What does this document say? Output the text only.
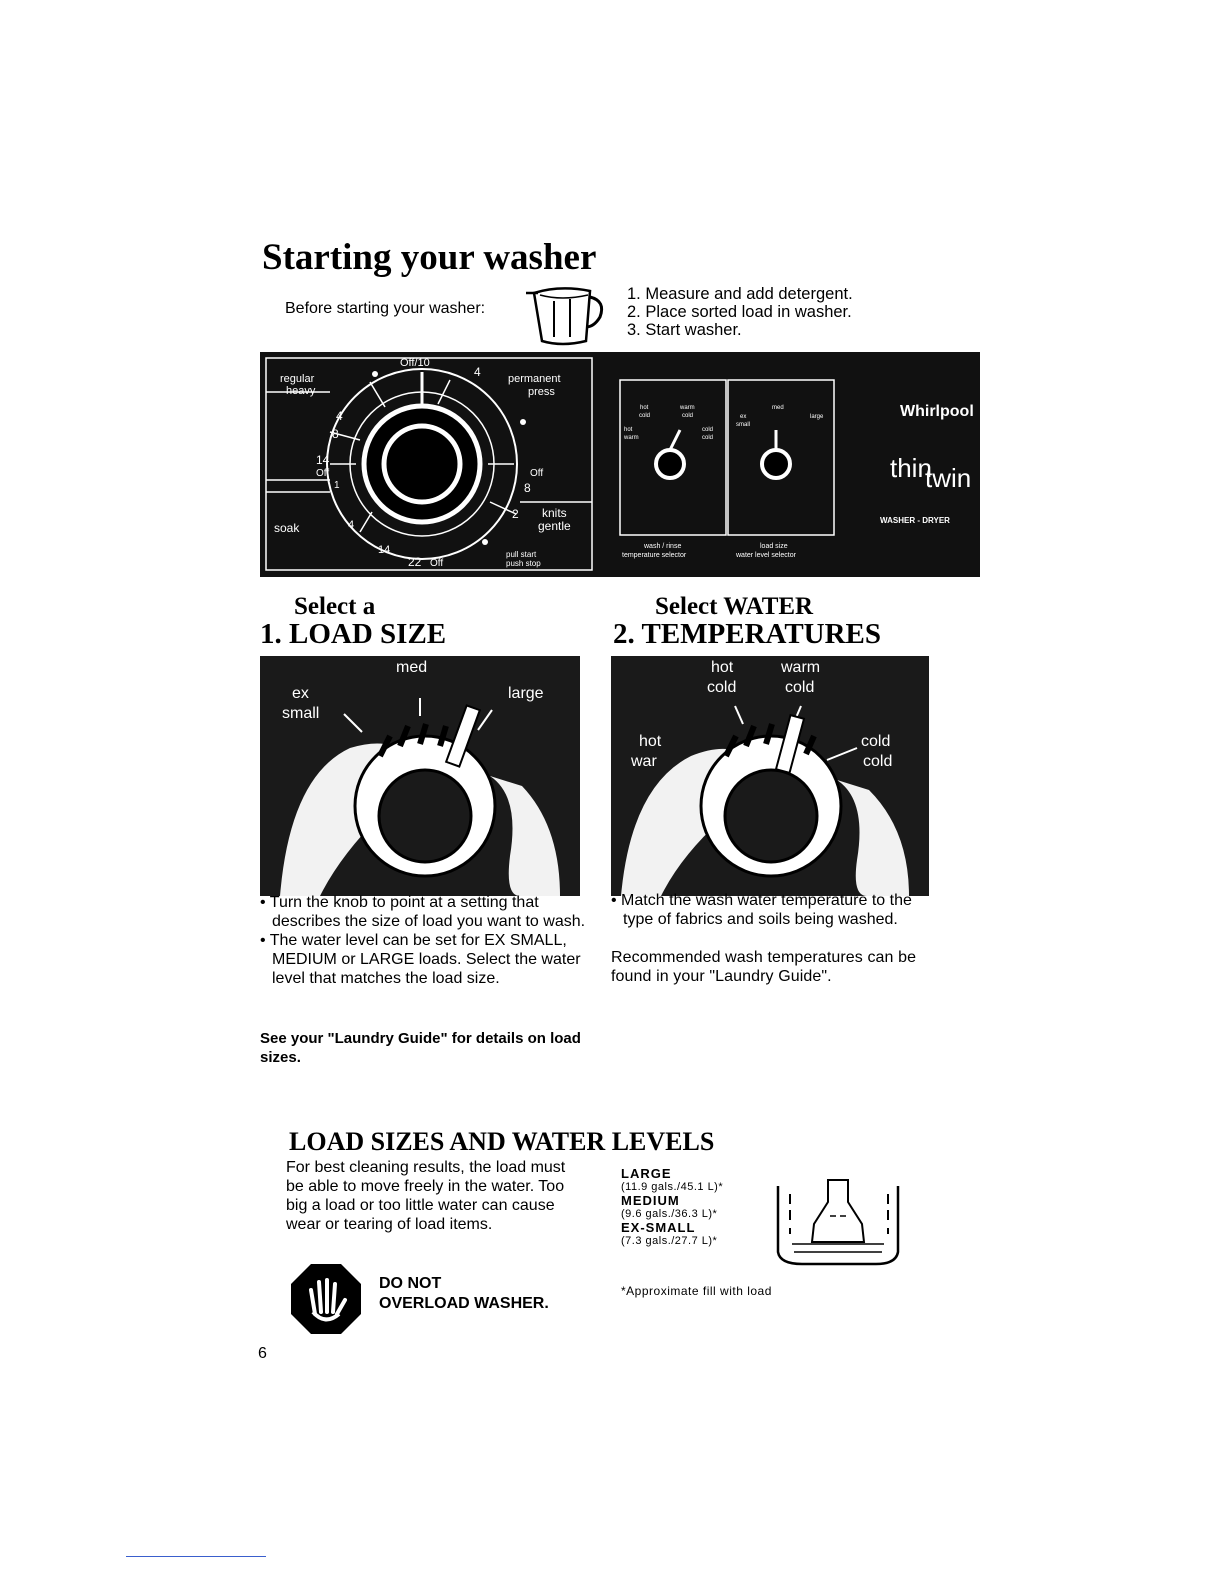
Starting your washer
Before starting your washer:
1. Measure and add detergent.
2. Place sorted load in washer.
3. Start washer.
Off/10
4
regular
heavy
permanent
press
4
8
14
Off
1
Off
8
2 knits
gentle
soak	4
14
22 Off
pull start
push stop
hot
cold
warm
cold
hot
warm
cold
cold
wash / rinse
temperature selector
med
ex
small
large
load size
water level selector
Whirlpool
thin
twin
WASHER - DRYER
Select a
1. LOAD SIZE
med
ex
small
large
• Turn the knob to point at a setting that describes the size of load you want to wash.
• The water level can be set for EX SMALL, MEDIUM or LARGE loads. Select the water level that matches the load size.
See your "Laundry Guide" for details on load sizes.
Select WATER
2. TEMPERATURES
hot	warm
cold	cold
hot
war
cold
cold
• Match the wash water temperature to the type of fabrics and soils being washed.
Recommended wash temperatures can be found in your "Laundry Guide".
LOAD SIZES AND WATER LEVELS
For best cleaning results, the load must be able to move freely in the water. Too big a load or too little water can cause wear or tearing of load items.
LARGE
(11.9 gals./45.1 L)*
MEDIUM
(9.6 gals./36.3 L)*
EX-SMALL
(7.3 gals./27.7 L)*
*Approximate fill with load
DO NOT
OVERLOAD WASHER.
6
